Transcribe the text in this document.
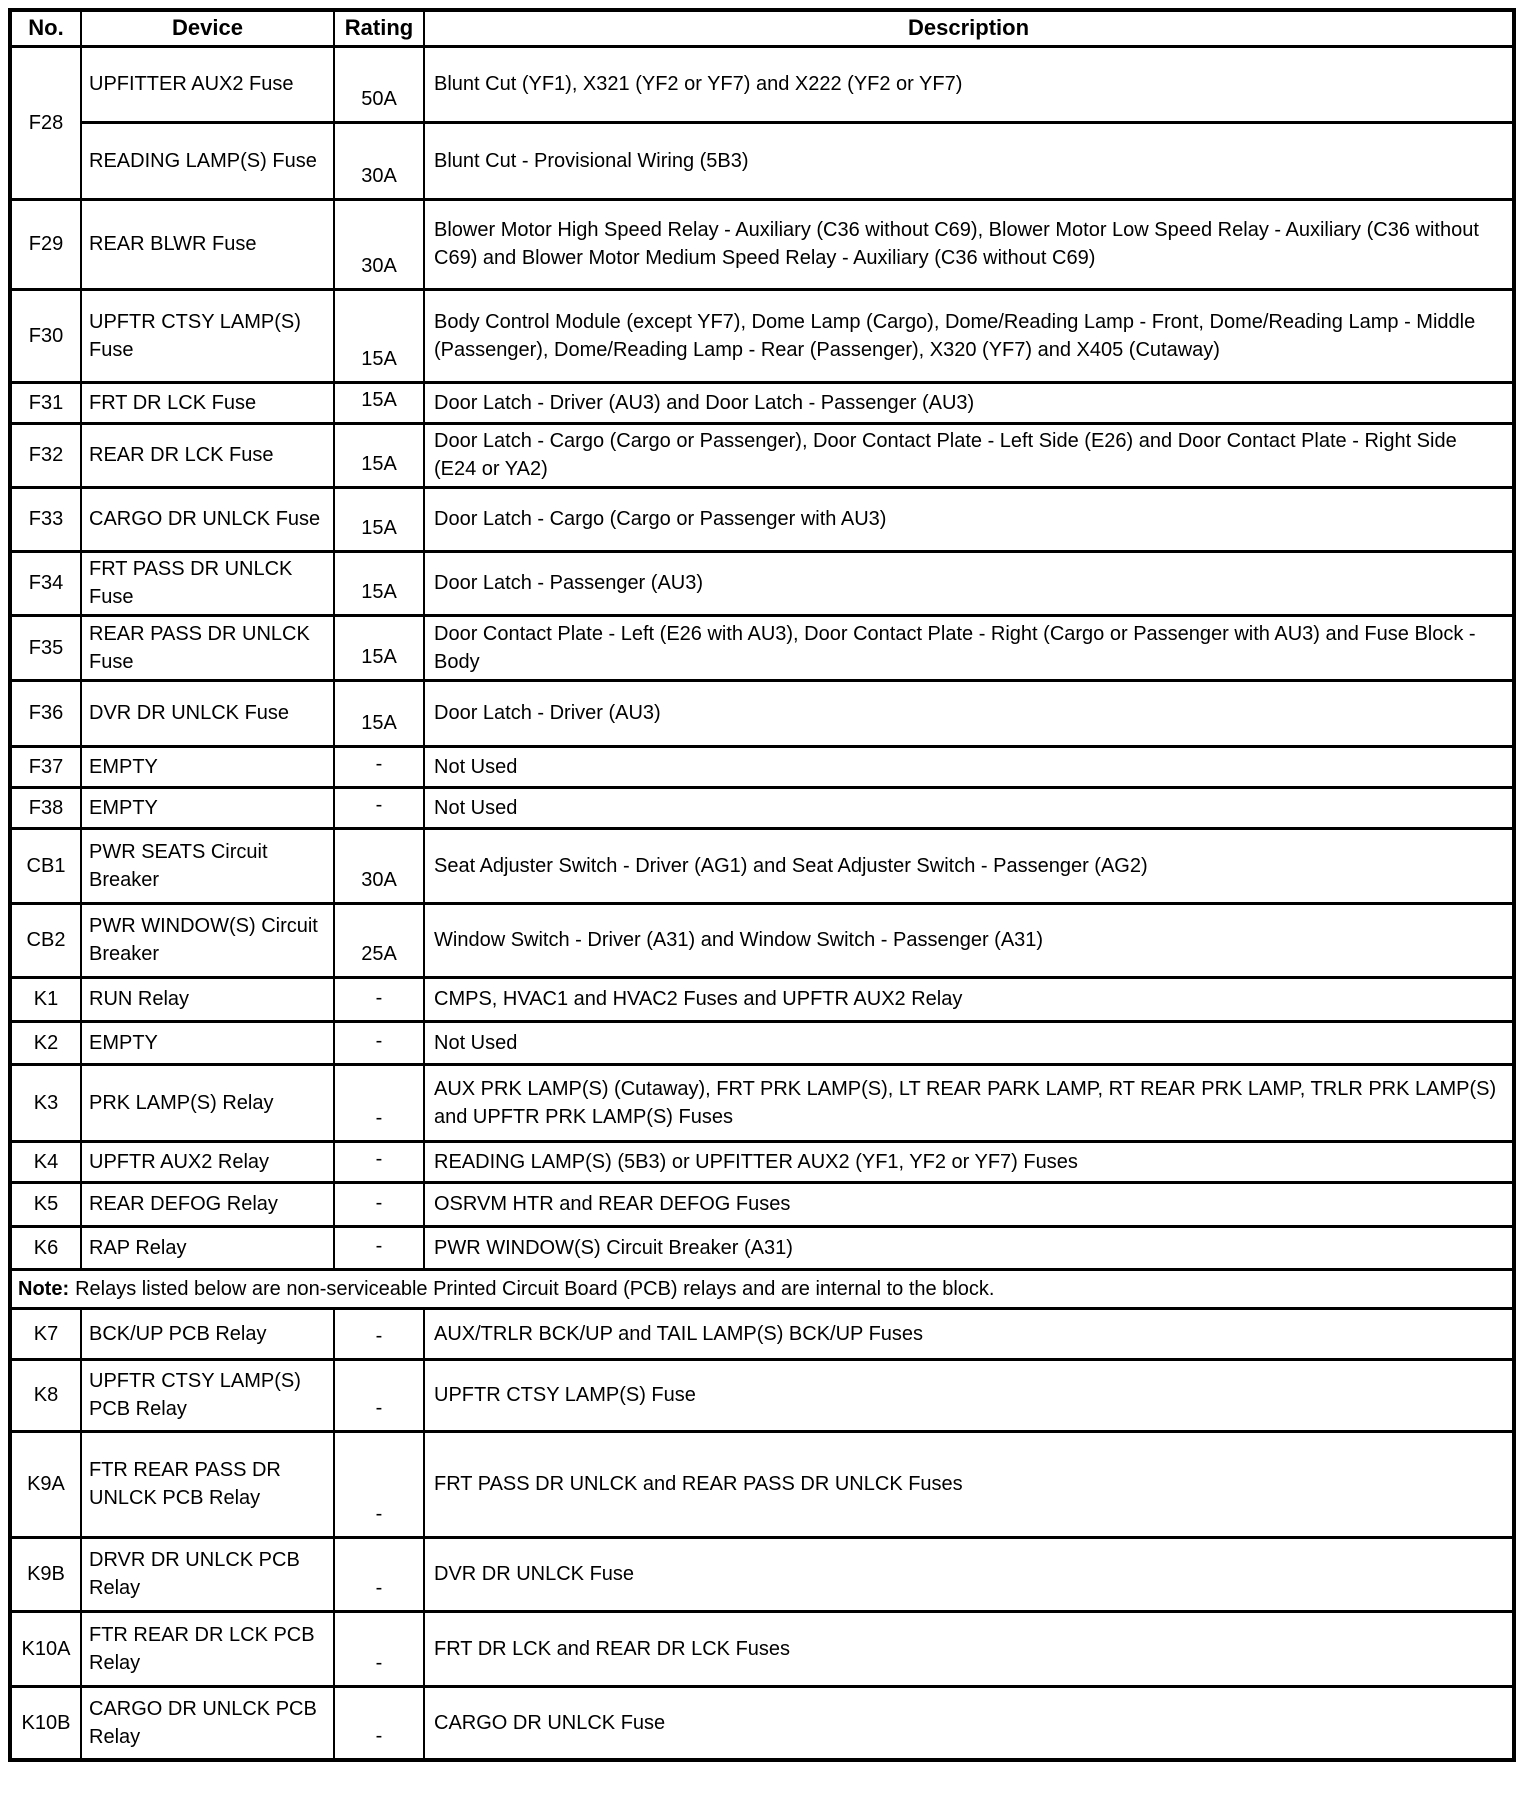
No.	Device	Rating	Description
F28	UPFITTER AUX2 Fuse	50A	Blunt Cut (YF1), X321 (YF2 or YF7) and X222 (YF2 or YF7)
	READING LAMP(S) Fuse	30A	Blunt Cut - Provisional Wiring (5B3)
F29	REAR BLWR Fuse	30A	Blower Motor High Speed Relay - Auxiliary (C36 without C69), Blower Motor Low Speed Relay - Auxiliary (C36 without C69) and Blower Motor Medium Speed Relay - Auxiliary (C36 without C69)
F30	UPFTR CTSY LAMP(S) Fuse	15A	Body Control Module (except YF7), Dome Lamp (Cargo), Dome/Reading Lamp - Front, Dome/Reading Lamp - Middle (Passenger), Dome/Reading Lamp - Rear (Passenger), X320 (YF7) and X405 (Cutaway)
F31	FRT DR LCK Fuse	15A	Door Latch - Driver (AU3) and Door Latch - Passenger (AU3)
F32	REAR DR LCK Fuse	15A	Door Latch - Cargo (Cargo or Passenger), Door Contact Plate - Left Side (E26) and Door Contact Plate - Right Side (E24 or YA2)
F33	CARGO DR UNLCK Fuse	15A	Door Latch - Cargo (Cargo or Passenger with AU3)
F34	FRT PASS DR UNLCK Fuse	15A	Door Latch - Passenger (AU3)
F35	REAR PASS DR UNLCK Fuse	15A	Door Contact Plate - Left (E26 with AU3), Door Contact Plate - Right (Cargo or Passenger with AU3) and Fuse Block - Body
F36	DVR DR UNLCK Fuse	15A	Door Latch - Driver (AU3)
F37	EMPTY	-	Not Used
F38	EMPTY	-	Not Used
CB1	PWR SEATS Circuit Breaker	30A	Seat Adjuster Switch - Driver (AG1) and Seat Adjuster Switch - Passenger (AG2)
CB2	PWR WINDOW(S) Circuit Breaker	25A	Window Switch - Driver (A31) and Window Switch - Passenger (A31)
K1	RUN Relay	-	CMPS, HVAC1 and HVAC2 Fuses and UPFTR AUX2 Relay
K2	EMPTY	-	Not Used
K3	PRK LAMP(S) Relay	-	AUX PRK LAMP(S) (Cutaway), FRT PRK LAMP(S), LT REAR PARK LAMP, RT REAR PRK LAMP, TRLR PRK LAMP(S) and UPFTR PRK LAMP(S) Fuses
K4	UPFTR AUX2 Relay	-	READING LAMP(S) (5B3) or UPFITTER AUX2 (YF1, YF2 or YF7) Fuses
K5	REAR DEFOG Relay	-	OSRVM HTR and REAR DEFOG Fuses
K6	RAP Relay	-	PWR WINDOW(S) Circuit Breaker (A31)
Note: Relays listed below are non-serviceable Printed Circuit Board (PCB) relays and are internal to the block.			
K7	BCK/UP PCB Relay	-	AUX/TRLR BCK/UP and TAIL LAMP(S) BCK/UP Fuses
K8	UPFTR CTSY LAMP(S) PCB Relay	-	UPFTR CTSY LAMP(S) Fuse
K9A	FTR REAR PASS DR UNLCK PCB Relay	-	FRT PASS DR UNLCK and REAR PASS DR UNLCK Fuses
K9B	DRVR DR UNLCK PCB Relay	-	DVR DR UNLCK Fuse
K10A	FTR REAR DR LCK PCB Relay	-	FRT DR LCK and REAR DR LCK Fuses
K10B	CARGO DR UNLCK PCB Relay	-	CARGO DR UNLCK Fuse
